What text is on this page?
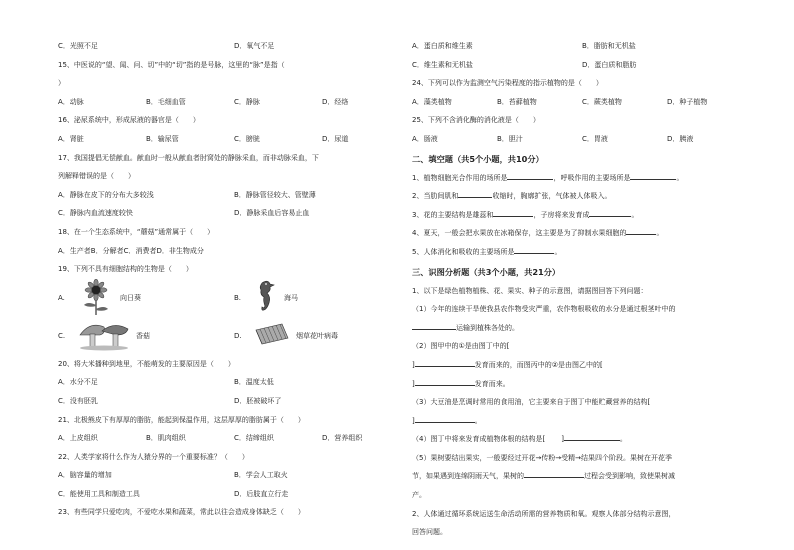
C．光照不足	D．氧气不足
15、中医说的“望、闻、问、切”中的“切”指的是号脉，这里的“脉”是指（
）
A．动脉	B．毛细血管	C．静脉	D．经络
16、泌尿系统中，形成尿液的器官是（　　）
A．肾脏	B．输尿管	C．膀胱	D．尿道
17、我国提倡无偿献血。献血时一般从献血者肘窝处的静脉采血，而非动脉采血，下
列解释错误的是（　　）
A．静脉在皮下的分布大多较浅	B．静脉管径较大、管壁薄
C．静脉内血流速度较快	D．静脉采血后容易止血
18、在一个生态系统中，“蘑菇”通常属于（　　）
A．生产者B．分解者C．消费者D．非生物成分
19、下列不具有细胞结构的生物是（　　）
A.	向日葵	B.	海马
C.	香菇	D.	烟草花叶病毒
20、将大米播种到地里，不能萌发的主要原因是（　　）
A．水分不足	B．温度太低
C．没有胚乳	D．胚被破坏了
21、北极熊皮下有厚厚的脂肪，能起到保温作用，这层厚厚的脂肪属于（　　）
A．上皮组织	B．肌肉组织	C．结缔组织	D．营养组织
22、人类学家将什么作为人猿分界的一个重要标准？（　　）
A．脑容量的增加	B．学会人工取火
C．能使用工具和制造工具	D．后肢直立行走
23、有些同学只爱吃肉，不爱吃水果和蔬菜，常此以往会造成身体缺乏（　　）
A．蛋白质和维生素	B．脂肪和无机盐
C．维生素和无机盐	D．蛋白质和脂肪
24、下列可以作为监测空气污染程度的指示植物的是（　　）
A．藻类植物	B．苔藓植物	C．蕨类植物	D．种子植物
25、下列不含消化酶的消化液是（　　）
A．肠液	B．胆汁	C．胃液	D．胰液
二、填空题（共5个小题，共10分）
1、植物细胞光合作用的场所是	，呼吸作用的主要场所是	。
2、当肋间肌和	收缩时，胸廓扩张，气体被人体吸入。
3、花的主要结构是雄蕊和	，子房将来发育成	。
4、夏天，一般会把水果放在冰箱保存，这主要是为了抑制水果细胞的	。
5、人体消化和吸收的主要场所是	。
三、识图分析题（共3个小题，共21分）
1、以下是绿色植物植株、花、果实、种子的示意图，请据图回答下列问题：
（1）今年的连续干旱使我县农作物受灾严重，农作物根吸收的水分是通过根茎叶中的
运输到植株各处的。
（2）图甲中的①是由图丁中的[
]	发育而来的，而图丙中的②是由图乙中的[
]	发育而来。
（3）大豆油是烹调时常用的食用油，它主要来自于图丁中能贮藏营养的结构[
]	。
（4）图丁中将来发育成植物体根的结构是[ ]	。
（5）果树要结出果实，一般要经过开花→传粉→受精→结果四个阶段。果树在开花季
节，如果遇到连绵阴雨天气，果树的	过程会受到影响，致使果树减
产。
2、人体通过循环系统运送生命活动所需的营养物质和氧。观察人体部分结构示意图，
回答问题。
